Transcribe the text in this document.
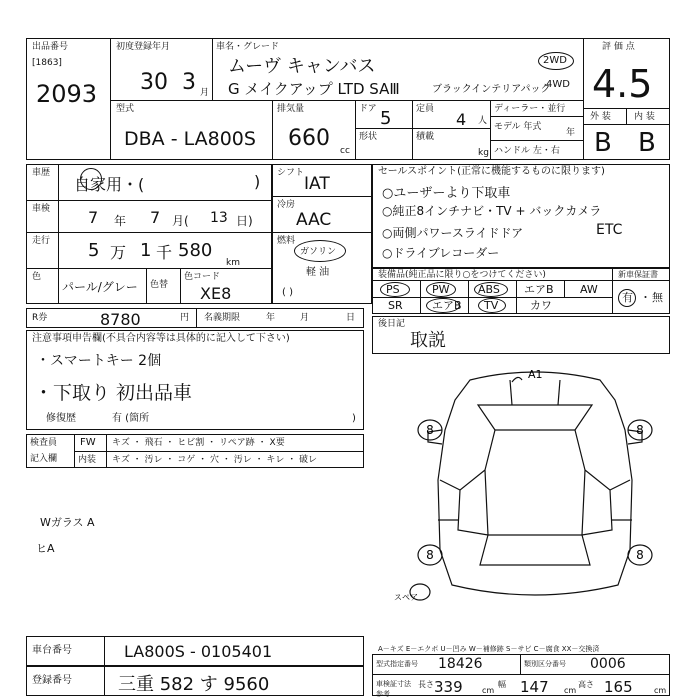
出品番号
[1863]
2093
初度登録年月
30 3 月
車名・グレード
ムーヴ キャンバス
G メイクアップ LTD SAⅢ	ブラックインテリアパック
2WD
4WD
評 価 点
4.5
外 装	内 装
B B
型式
DBA - LA800S
排気量
660 cc
ドア 5
形状
定員
4 人
積載
kg
ディーラー・並行
モデル 年式
年
ハンドル 左・右
車歴
自家用・(	)
車検 7 年 7 月( 13 日)
走行 5 万 1 千 580
km
色
パール/グレー 色替
色コード
XE8
シフト
IAT
冷房
AAC
燃料
ガソリン
軽 油
( )
セールスポイント(正常に機能するものに限ります)
○ユーザーより下取車
○純正8インチナビ・TV + バックカメラ
○両側パワースライドドア	ETC
○ドライブレコーダー
装備品(純正品に限り○をつけてください)
PS	PW	ABS エアB AW
SR	エアB TV	カワ
新車保証書
有 ・ 無
R券	8780	円 名義期限	年	月	日
注意事項申告欄(不具合内容等は具体的に記入して下さい)
・スマートキー 2個
・下取り 初出品車
修復歴	有 (箇所	)
後日記
取説
検査員
記入欄
FW キズ ・ 飛石 ・ ヒビ割 ・ リペア跡 ・ X要
内装 キズ ・ 汚レ ・ コゲ ・ 穴 ・ 汚レ ・ キレ ・ 破レ
Wガラス A
ヒA
8	8
8	8
A1
スペア
A－キズ E－エクボ U－凹み W－補修跡 S－サビ C－腐食 XX－交換済
車台番号	LA800S - 0105401
登録番号	三重 582 す 9560
型式指定番号 18426	類別区分番号 0006
車検証寸法 参考
長さ 339 cm
幅 147 cm
高さ 165	cm
